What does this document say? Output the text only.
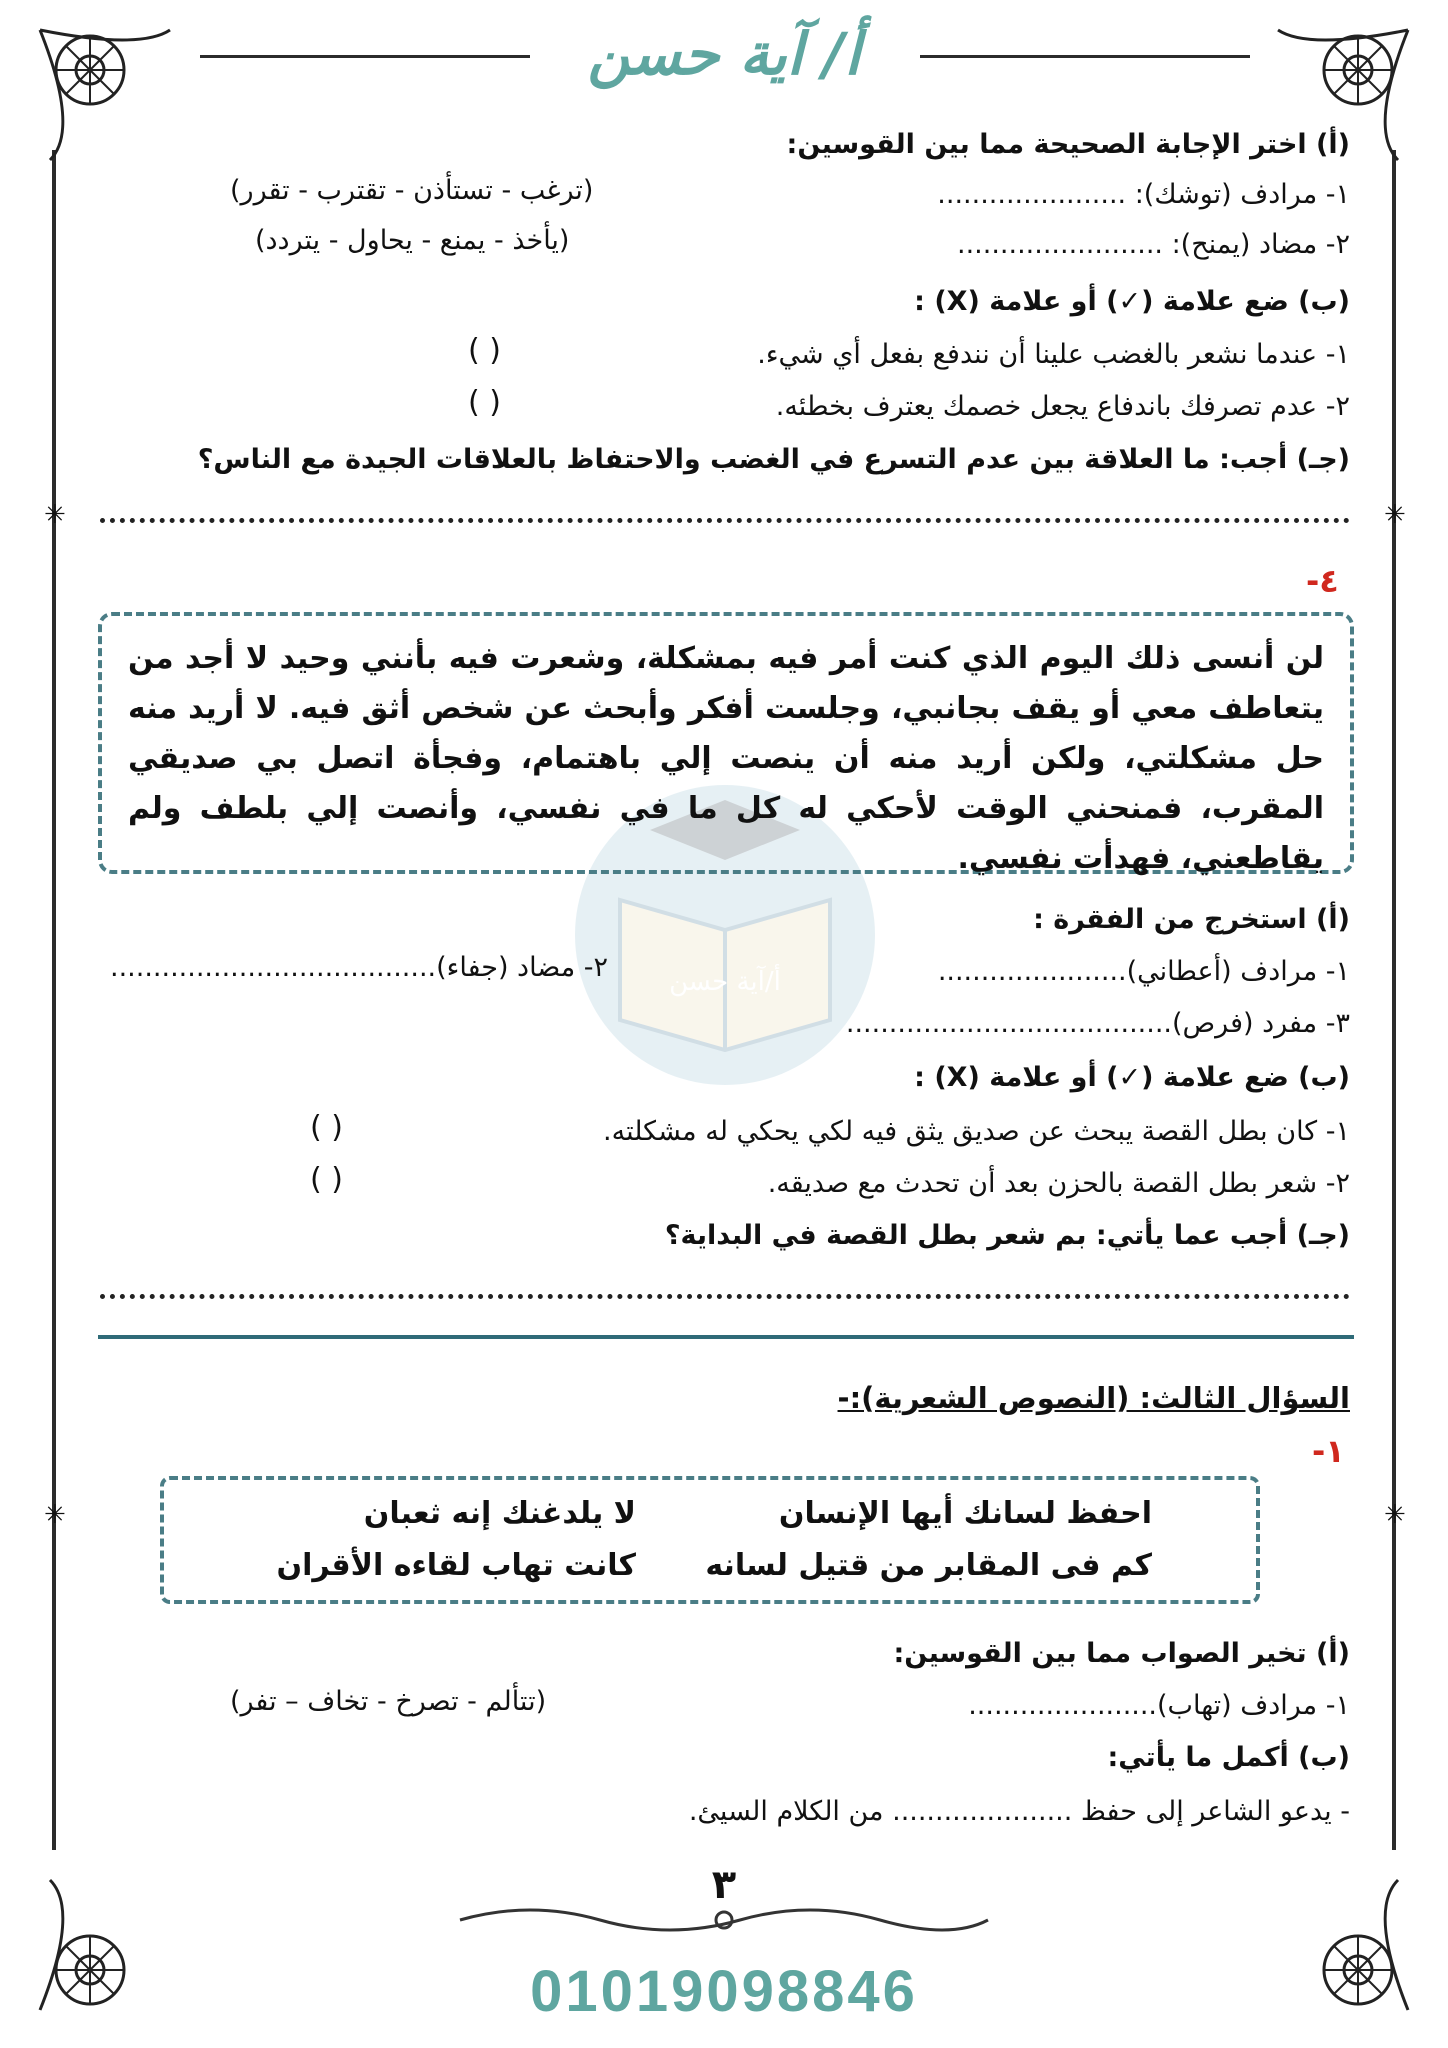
✳	✳
✳	✳
أ/ آية حسن
أ/آية حسن
(أ) اختر الإجابة الصحيحة مما بين القوسين:
١- مرادف (توشك): ......................
(ترغب - تستأذن - تقترب - تقرر)
٢- مضاد (يمنح): ........................
(يأخذ - يمنع - يحاول - يتردد)
(ب) ضع علامة (✓) أو علامة (X) :
١- عندما نشعر بالغضب علينا أن نندفع بفعل أي شيء.
( )
٢- عدم تصرفك باندفاع يجعل خصمك يعترف بخطئه.
( )
(جـ) أجب: ما العلاقة بين عدم التسرع في الغضب والاحتفاظ بالعلاقات الجيدة مع الناس؟
٤-
لن أنسى ذلك اليوم الذي كنت أمر فيه بمشكلة، وشعرت فيه بأنني وحيد لا أجد من يتعاطف معي أو يقف بجانبي، وجلست أفكر وأبحث عن شخص أثق فيه. لا أريد منه حل مشكلتي، ولكن أريد منه أن ينصت إلي باهتمام، وفجأة اتصل بي صديقي المقرب، فمنحني الوقت لأحكي له كل ما في نفسي، وأنصت إلي بلطف ولم يقاطعني، فهدأت نفسي.
(أ) استخرج من الفقرة :
١- مرادف (أعطاني)......................
٢- مضاد (جفاء)......................................
٣- مفرد (فرص)......................................
(ب) ضع علامة (✓) أو علامة (X) :
١- كان بطل القصة يبحث عن صديق يثق فيه لكي يحكي له مشكلته.
( )
٢- شعر بطل القصة بالحزن بعد أن تحدث مع صديقه.
( )
(جـ) أجب عما يأتي: بم شعر بطل القصة في البداية؟
السؤال الثالث: (النصوص الشعرية):-
١-
احفظ لسانك أيها الإنسان
لا يلدغنك إنه ثعبان
كم فى المقابر من قتيل لسانه
كانت تهاب لقاءه الأقران
(أ) تخير الصواب مما بين القوسين:
١- مرادف (تهاب)......................
(تتألم - تصرخ - تخاف – تفر)
(ب) أكمل ما يأتي:
- يدعو الشاعر إلى حفظ ..................... من الكلام السيئ.
٣
01019098846
